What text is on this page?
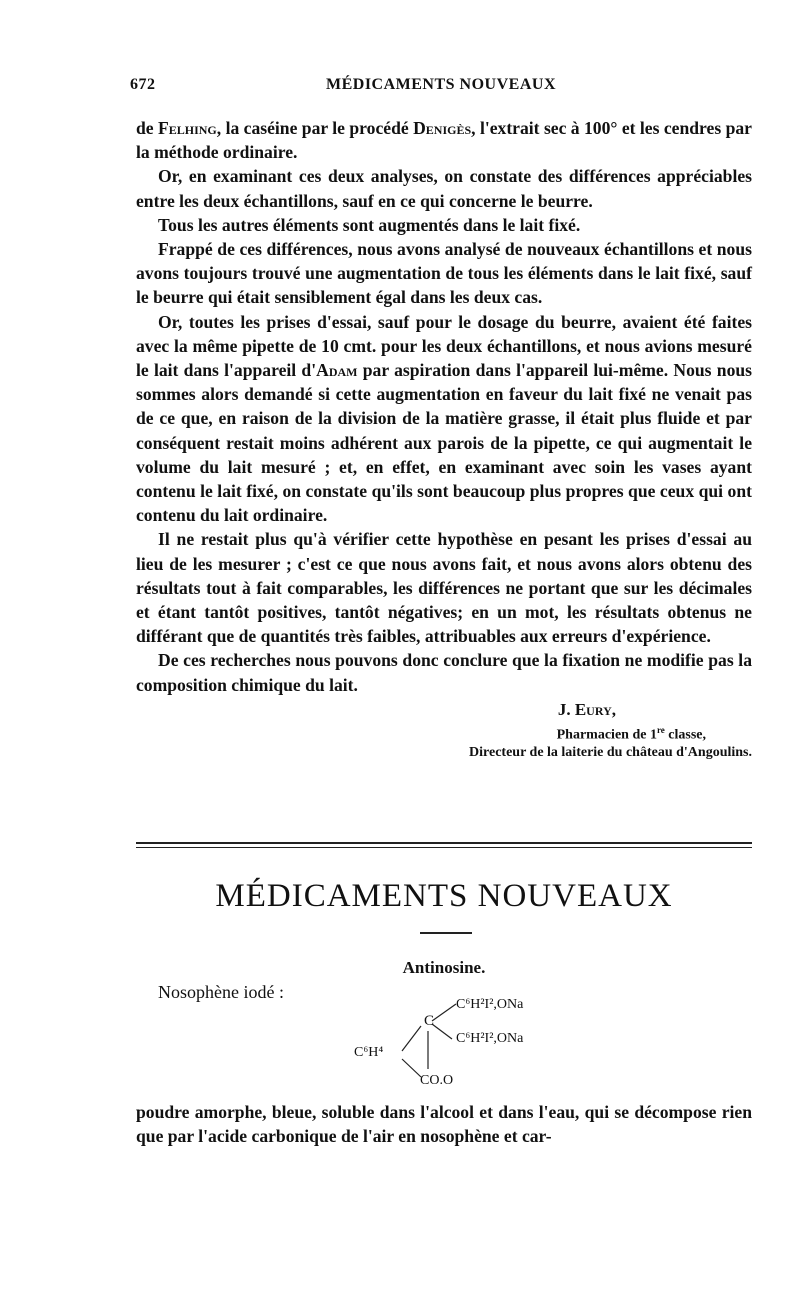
672	MÉDICAMENTS NOUVEAUX

de Felhing, la caséine par le procédé Denigès, l'extrait sec à 100° et les cendres par la méthode ordinaire.

Or, en examinant ces deux analyses, on constate des différences appréciables entre les deux échantillons, sauf en ce qui concerne le beurre.

Tous les autres éléments sont augmentés dans le lait fixé.

Frappé de ces différences, nous avons analysé de nouveaux échantillons et nous avons toujours trouvé une augmentation de tous les éléments dans le lait fixé, sauf le beurre qui était sensiblement égal dans les deux cas.

Or, toutes les prises d'essai, sauf pour le dosage du beurre, avaient été faites avec la même pipette de 10 cmt. pour les deux échantillons, et nous avions mesuré le lait dans l'appareil d'Adam par aspiration dans l'appareil lui-même. Nous nous sommes alors demandé si cette augmentation en faveur du lait fixé ne venait pas de ce que, en raison de la division de la matière grasse, il était plus fluide et par conséquent restait moins adhérent aux parois de la pipette, ce qui augmentait le volume du lait mesuré ; et, en effet, en examinant avec soin les vases ayant contenu le lait fixé, on constate qu'ils sont beaucoup plus propres que ceux qui ont contenu du lait ordinaire.

Il ne restait plus qu'à vérifier cette hypothèse en pesant les prises d'essai au lieu de les mesurer ; c'est ce que nous avons fait, et nous avons alors obtenu des résultats tout à fait comparables, les différences ne portant que sur les décimales et étant tantôt positives, tantôt négatives; en un mot, les résultats obtenus ne différant que de quantités très faibles, attribuables aux erreurs d'expérience.

De ces recherches nous pouvons donc conclure que la fixation ne modifie pas la composition chimique du lait.

J. Eury,
Pharmacien de 1re classe,
Directeur de la laiterie du château d'Angoulins.
MÉDICAMENTS NOUVEAUX
Antinosine.
Nosophène iodé :
C⁶H²I²,ONa
C
C⁶H²I²,ONa
C⁶H⁴
CO.O

poudre amorphe, bleue, soluble dans l'alcool et dans l'eau, qui se décompose rien que par l'acide carbonique de l'air en nosophène et car-
